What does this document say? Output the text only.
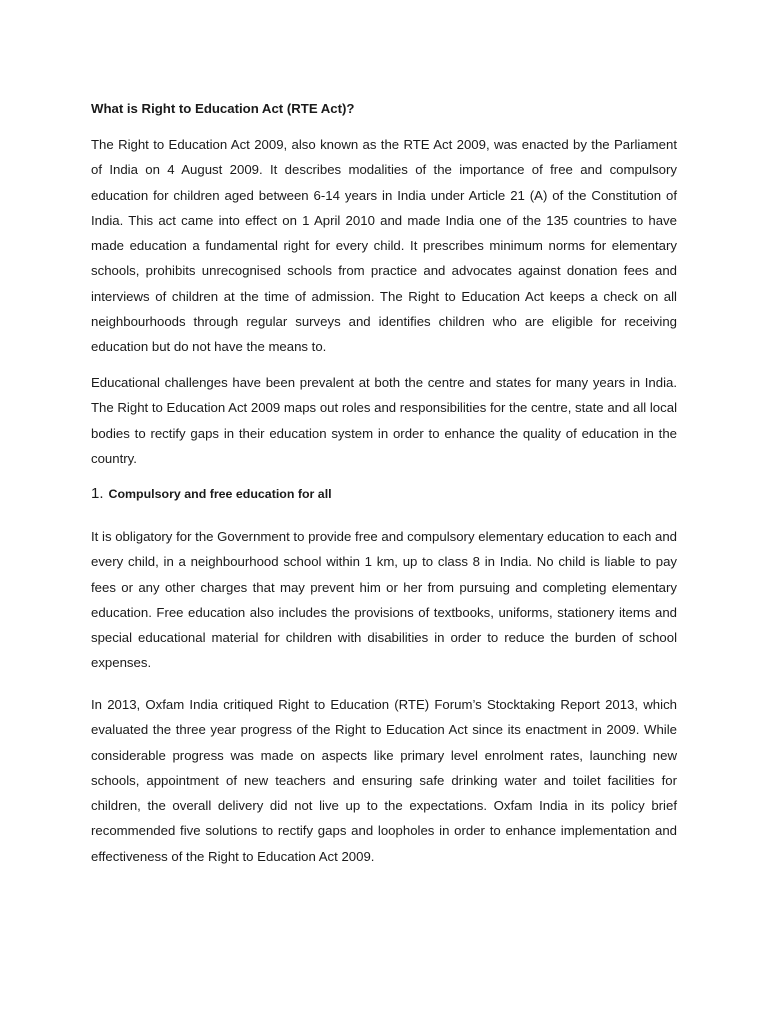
What is Right to Education Act (RTE Act)?

The Right to Education Act 2009, also known as the RTE Act 2009, was enacted by the Parliament of India on 4 August 2009. It describes modalities of the importance of free and compulsory education for children aged between 6-14 years in India under Article 21 (A) of the Constitution of India. This act came into effect on 1 April 2010 and made India one of the 135 countries to have made education a fundamental right for every child. It prescribes minimum norms for elementary schools, prohibits unrecognised schools from practice and advocates against donation fees and interviews of children at the time of admission. The Right to Education Act keeps a check on all neighbourhoods through regular surveys and identifies children who are eligible for receiving education but do not have the means to.

Educational challenges have been prevalent at both the centre and states for many years in India. The Right to Education Act 2009 maps out roles and responsibilities for the centre, state and all local bodies to rectify gaps in their education system in order to enhance the quality of education in the country.

1. Compulsory and free education for all

It is obligatory for the Government to provide free and compulsory elementary education to each and every child, in a neighbourhood school within 1 km, up to class 8 in India. No child is liable to pay fees or any other charges that may prevent him or her from pursuing and completing elementary education. Free education also includes the provisions of textbooks, uniforms, stationery items and special educational material for children with disabilities in order to reduce the burden of school expenses.

In 2013, Oxfam India critiqued Right to Education (RTE) Forum’s Stocktaking Report 2013, which evaluated the three year progress of the Right to Education Act since its enactment in 2009. While considerable progress was made on aspects like primary level enrolment rates, launching new schools, appointment of new teachers and ensuring safe drinking water and toilet facilities for children, the overall delivery did not live up to the expectations. Oxfam India in its policy brief recommended five solutions to rectify gaps and loopholes in order to enhance implementation and effectiveness of the Right to Education Act 2009.
